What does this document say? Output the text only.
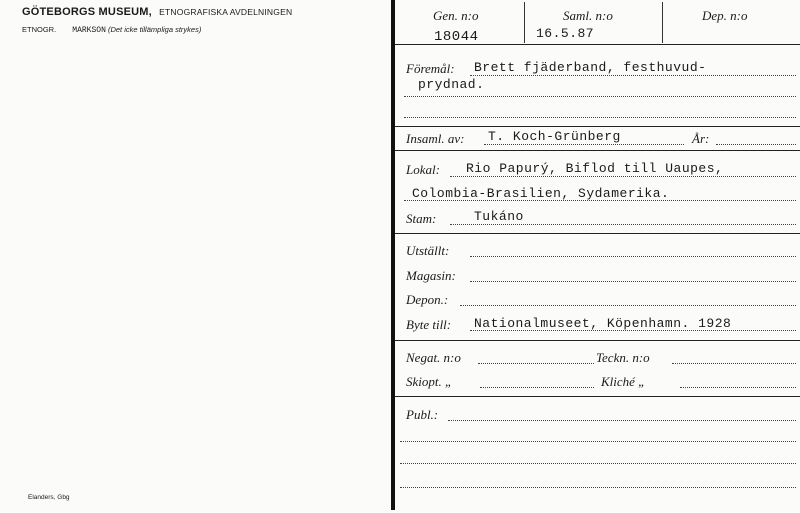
GÖTEBORGS MUSEUM, ETNOGRAFISKA AVDELNINGEN
ETNOGR. MARKSON (Det icke tillämpliga strykes)
Elanders, Gbg
Gen. n:o
18044
Saml. n:o
16.5.87
Dep. n:o
Föremål: Brett fjäderband, festhuvud-
prydnad.
Insaml. av: T. Koch-Grünberg	År:
Lokal: Rio Papurý, Biflod till Uaupes,
Colombia-Brasilien, Sydamerika.
Stam:	Tukáno
Utställt:
Magasin:
Depon.:
Byte till: Nationalmuseet, Köpenhamn. 1928
Negat. n:o	Teckn. n:o
Skiopt. „	Kliché „
Publ.:
